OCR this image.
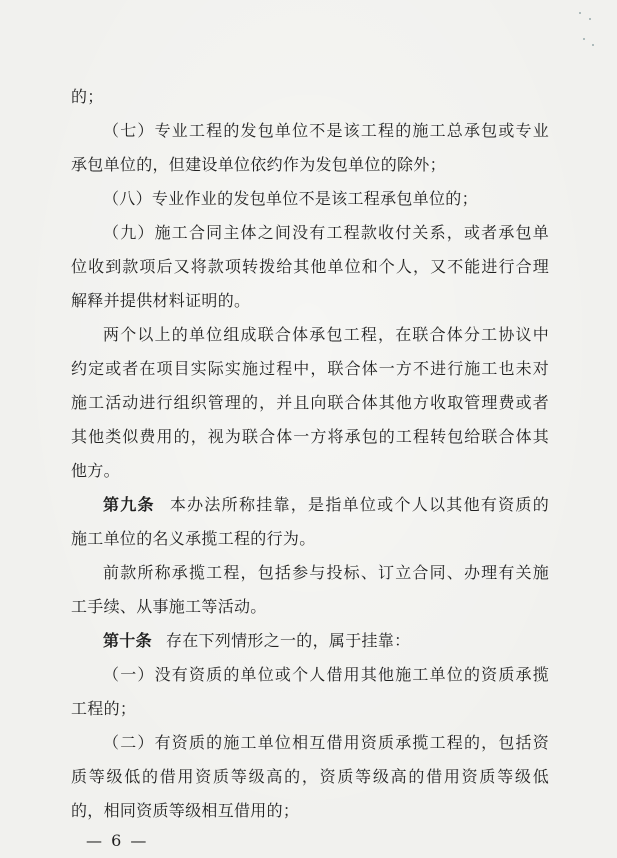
的；
（七）专业工程的发包单位不是该工程的施工总承包或专业
承包单位的，但建设单位依约作为发包单位的除外；
（八）专业作业的发包单位不是该工程承包单位的；
（九）施工合同主体之间没有工程款收付关系，或者承包单
位收到款项后又将款项转拨给其他单位和个人，又不能进行合理
解释并提供材料证明的。
两个以上的单位组成联合体承包工程，在联合体分工协议中
约定或者在项目实际实施过程中，联合体一方不进行施工也未对
施工活动进行组织管理的，并且向联合体其他方收取管理费或者
其他类似费用的，视为联合体一方将承包的工程转包给联合体其
他方。
第九条 本办法所称挂靠，是指单位或个人以其他有资质的
施工单位的名义承揽工程的行为。
前款所称承揽工程，包括参与投标、订立合同、办理有关施
工手续、从事施工等活动。
第十条 存在下列情形之一的，属于挂靠：
（一）没有资质的单位或个人借用其他施工单位的资质承揽
工程的；
（二）有资质的施工单位相互借用资质承揽工程的，包括资
质等级低的借用资质等级高的，资质等级高的借用资质等级低
的，相同资质等级相互借用的；
— 6 —
